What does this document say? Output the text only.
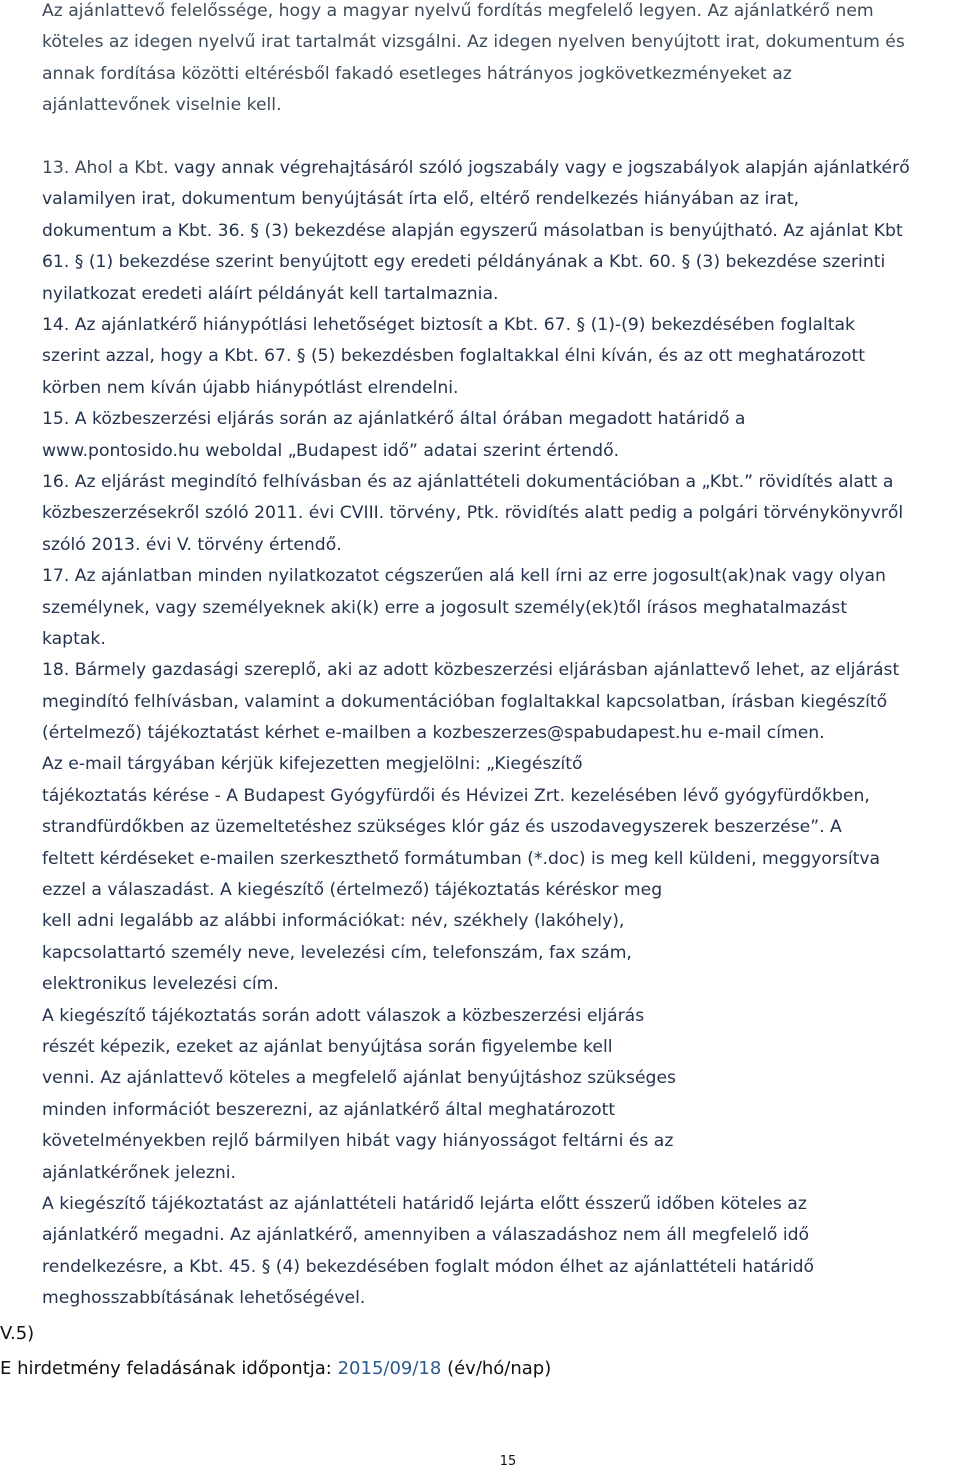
Az ajánlattevő felelőssége, hogy a magyar nyelvű fordítás megfelelő legyen. Az ajánlatkérő nem
köteles az idegen nyelvű irat tartalmát vizsgálni. Az idegen nyelven benyújtott irat, dokumentum és
annak fordítása közötti eltérésből fakadó esetleges hátrányos jogkövetkezményeket az
ajánlattevőnek viselnie kell.
13. Ahol a Kbt. vagy annak végrehajtásáról szóló jogszabály vagy e jogszabályok alapján ajánlatkérő
valamilyen irat, dokumentum benyújtását írta elő, eltérő rendelkezés hiányában az irat,
dokumentum a Kbt. 36. § (3) bekezdése alapján egyszerű másolatban is benyújtható. Az ajánlat Kbt
61. § (1) bekezdése szerint benyújtott egy eredeti példányának a Kbt. 60. § (3) bekezdése szerinti
nyilatkozat eredeti aláírt példányát kell tartalmaznia.
14. Az ajánlatkérő hiánypótlási lehetőséget biztosít a Kbt. 67. § (1)-(9) bekezdésében foglaltak
szerint azzal, hogy a Kbt. 67. § (5) bekezdésben foglaltakkal élni kíván, és az ott meghatározott
körben nem kíván újabb hiánypótlást elrendelni.
15. A közbeszerzési eljárás során az ajánlatkérő által órában megadott határidő a
www.pontosido.hu weboldal „Budapest idő” adatai szerint értendő.
16. Az eljárást megindító felhívásban és az ajánlattételi dokumentációban a „Kbt.” rövidítés alatt a
közbeszerzésekről szóló 2011. évi CVIII. törvény, Ptk. rövidítés alatt pedig a polgári törvénykönyvről
szóló 2013. évi V. törvény értendő.
17. Az ajánlatban minden nyilatkozatot cégszerűen alá kell írni az erre jogosult(ak)nak vagy olyan
személynek, vagy személyeknek aki(k) erre a jogosult személy(ek)től írásos meghatalmazást
kaptak.
18. Bármely gazdasági szereplő, aki az adott közbeszerzési eljárásban ajánlattevő lehet, az eljárást
megindító felhívásban, valamint a dokumentációban foglaltakkal kapcsolatban, írásban kiegészítő
(értelmező) tájékoztatást kérhet e-mailben a kozbeszerzes@spabudapest.hu e-mail címen.
Az e-mail tárgyában kérjük kifejezetten megjelölni: „Kiegészítő
tájékoztatás kérése - A Budapest Gyógyfürdői és Hévizei Zrt. kezelésében lévő gyógyfürdőkben,
strandfürdőkben az üzemeltetéshez szükséges klór gáz és uszodavegyszerek beszerzése”. A
feltett kérdéseket e-mailen szerkeszthető formátumban (*.doc) is meg kell küldeni, meggyorsítva
ezzel a válaszadást. A kiegészítő (értelmező) tájékoztatás kéréskor meg
kell adni legalább az alábbi információkat: név, székhely (lakóhely),
kapcsolattartó személy neve, levelezési cím, telefonszám, fax szám,
elektronikus levelezési cím.
A kiegészítő tájékoztatás során adott válaszok a közbeszerzési eljárás
részét képezik, ezeket az ajánlat benyújtása során figyelembe kell
venni. Az ajánlattevő köteles a megfelelő ajánlat benyújtáshoz szükséges
minden információt beszerezni, az ajánlatkérő által meghatározott
követelményekben rejlő bármilyen hibát vagy hiányosságot feltárni és az
ajánlatkérőnek jelezni.
A kiegészítő tájékoztatást az ajánlattételi határidő lejárta előtt ésszerű időben köteles az
ajánlatkérő megadni. Az ajánlatkérő, amennyiben a válaszadáshoz nem áll megfelelő idő
rendelkezésre, a Kbt. 45. § (4) bekezdésében foglalt módon élhet az ajánlattételi határidő
meghosszabbításának lehetőségével.
V.5)
E hirdetmény feladásának időpontja: 2015/09/18 (év/hó/nap)
15
